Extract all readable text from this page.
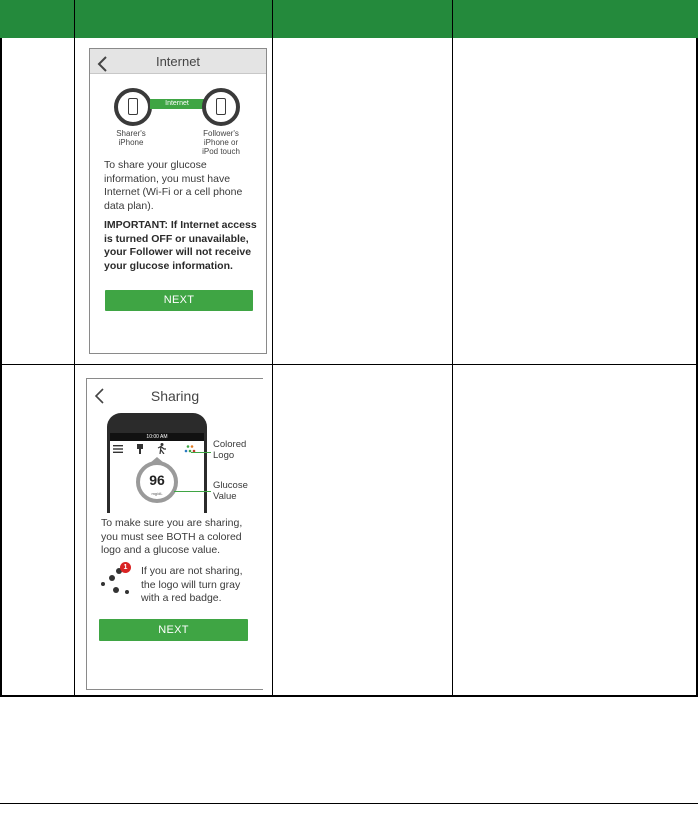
Internet
Internet
Sharer's
iPhone
Follower's
iPhone or
iPod touch
To share your glucose information, you must have Internet (Wi-Fi or a cell phone data plan).
IMPORTANT: If Internet access is turned OFF or unavailable, your Follower will not receive your glucose information.
NEXT
Sharing
10:00 AM
96
mg/dL
Colored
Logo
Glucose
Value
To make sure you are sharing, you must see BOTH a colored logo and a glucose value.
1	If you are not sharing, the logo will turn gray with a red badge.
NEXT
